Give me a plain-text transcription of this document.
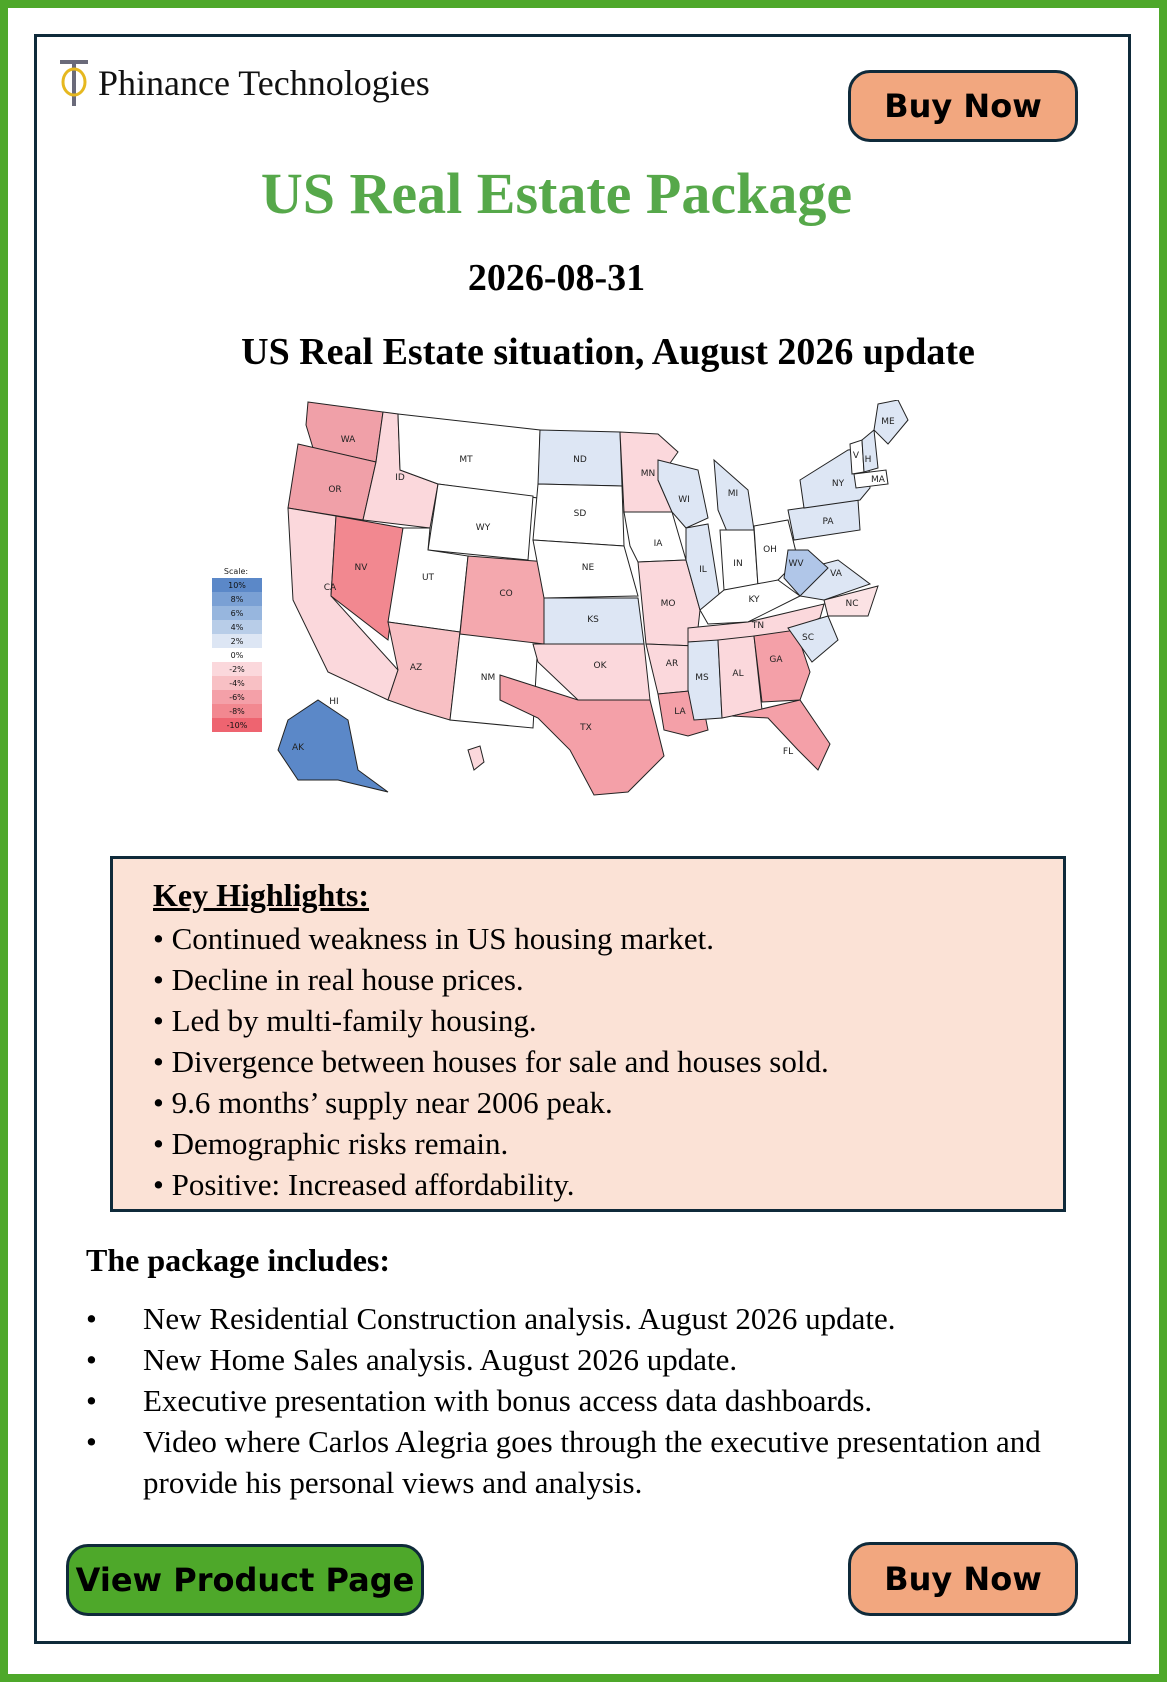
Phinance Technologies
Buy Now
US Real Estate Package
2026-08-31
US Real Estate situation, August 2026 update
WA
OR
CA
NV
ID
MT
WY
UT
AZ
NM
CO
ND
SD
NE
KS
OK
TX
MN
IA
MO
AR
LA
WI
IL
MI
IN
OH
KY
TN
MS	AL
GA
FL
SC
NC
VA
WV
PA
NY
ME
V H
MA
AK
HI
Scale:
10%
8%
6%
4%
2%
0%
-2%
-4%
-6%
-8%
-10%
Key Highlights:
• Continued weakness in US housing market.
• Decline in real house prices.
• Led by multi-family housing.
• Divergence between houses for sale and houses sold.
• 9.6 months’ supply near 2006 peak.
• Demographic risks remain.
• Positive: Increased affordability.
The package includes:
• New Residential Construction analysis. August 2026 update.
• New Home Sales analysis. August 2026 update.
• Executive presentation with bonus access data dashboards.
• Video where Carlos Alegria goes through the executive presentation and provide his personal views and analysis.
View Product Page	Buy Now
